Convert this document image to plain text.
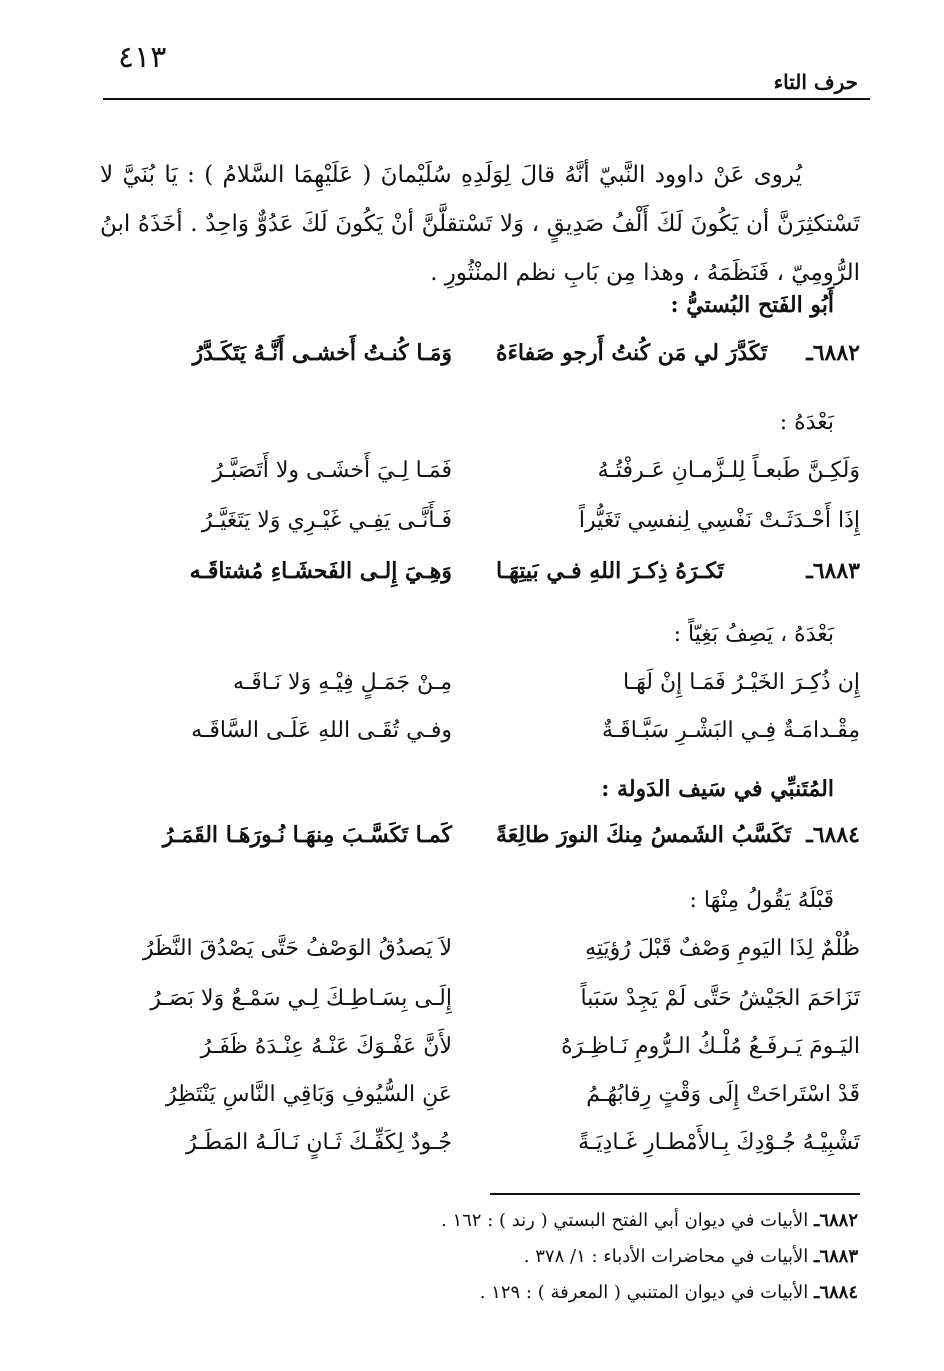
٤١٣
حرف التاء

يُروى عَنْ داوود النَّبيّ أنَّهُ قالَ لِوَلَدِهِ سُلَيْمانَ ( عَلَيْهِمَا السَّلامُ ) : يَا بُنَيَّ لا تَسْتكثِرَنَّ أن يَكُونَ لَكَ أَلْفُ صَدِيقٍ ، وَلا تَسْتقلَّنَّ أنْ يَكُونَ لَكَ عَدُوٌّ وَاحِدٌ . أخَذَهُ ابنُ الرُّومِيّ ، فَنَظَمَهُ ، وهذا مِن بَابِ نظم المنْثُورِ .

أَبُو الفَتح البُستيُّ :
٦٨٨٢ـ
تَكَدَّرَ لي مَن كُنتُ أَرجو صَفاءَهُ
وَمَـا كُنـتُ أَخشـى أَنَّـهُ يَتَكَـدَّرُ
بَعْدَهُ :
وَلَكِـنَّ طَبعـاً لِلـزَّمـانِ عَـرفْتُـهُ
فَمَـا لِـيَ أَخشَـى ولا أَتَصَبَّـرُ
إِذَا أَحْـدَثَـتْ نَفْسِي لِنفسِي تَغَيُّراً
فَـأَنَّـى يَفِـي غَيْـرِي وَلا يَتَغَيَّـرُ
٦٨٨٣ـ
تَكـرَهُ ذِكـرَ اللهِ فـي بَيتِهَـا
وَهِـيَ إِلـى الفَحشَـاءِ مُشتاقَـه
بَعْدَهُ ، يَصِفُ بَغِيّاً :
إِن ذُكِـرَ الخَيْـرُ فَمَـا إِنْ لَهَـا
مِـنْ جَمَـلٍ فِيْـهِ وَلا نَـاقَـه
مِقْـدامَـةٌ فِـي البَشْـرِ سَبَّـاقَـةٌ
وفـي تُقَـى اللهِ عَلَـى السَّاقَـه
المُتَنبِّي في سَيف الدَولة :
٦٨٨٤ـ
تَكَسَّبُ الشَمسُ مِنكَ النورَ طالِعَةً
كَمـا تَكَسَّـبَ مِنهَـا نُـورَهَـا القَمَـرُ
قَبْلَهُ يَقُولُ مِنْهَا :
ظُلْمٌ لِذَا اليَومِ وَصْفٌ قَبْلَ رُؤيَتِهِ
لاَ يَصدُقُ الوَصْفُ حَتَّى يَصْدُقَ النَّظَرُ
تَزَاحَمَ الجَيْشُ حَتَّى لَمْ يَجِدْ سَبَباً
إِلَـى بِسَـاطِـكَ لِـي سَمْـعٌ وَلا بَصَـرُ
اليَـومَ يَـرفَـعُ مُلْـكُ الـرُّومِ نَـاظِـرَهُ
لأَنَّ عَفْـوَكَ عَنْـهُ عِنْـدَهُ ظَفَـرُ
قَدْ اسْتَراحَتْ إِلَى وَقْتٍ رِقابُهُـمُ
عَنِ السُّيُوفِ وَبَاقِي النَّاسِ يَنْتَظِرُ
تَشْبِيْـهُ جُـوْدِكَ بِـالأَمْطـارِ غَـادِيَـةً
جُـودٌ لِكَفِّـكَ ثَـانٍ نَـالَـهُ المَطَـرُ
٦٨٨٢ـ الأبيات في ديوان أبي الفتح البستي ( رند ) : ١٦٢ .
٦٨٨٣ـ الأبيات في محاضرات الأدباء : ١/ ٣٧٨ .
٦٨٨٤ـ الأبيات في ديوان المتنبي ( المعرفة ) : ١٢٩ .
